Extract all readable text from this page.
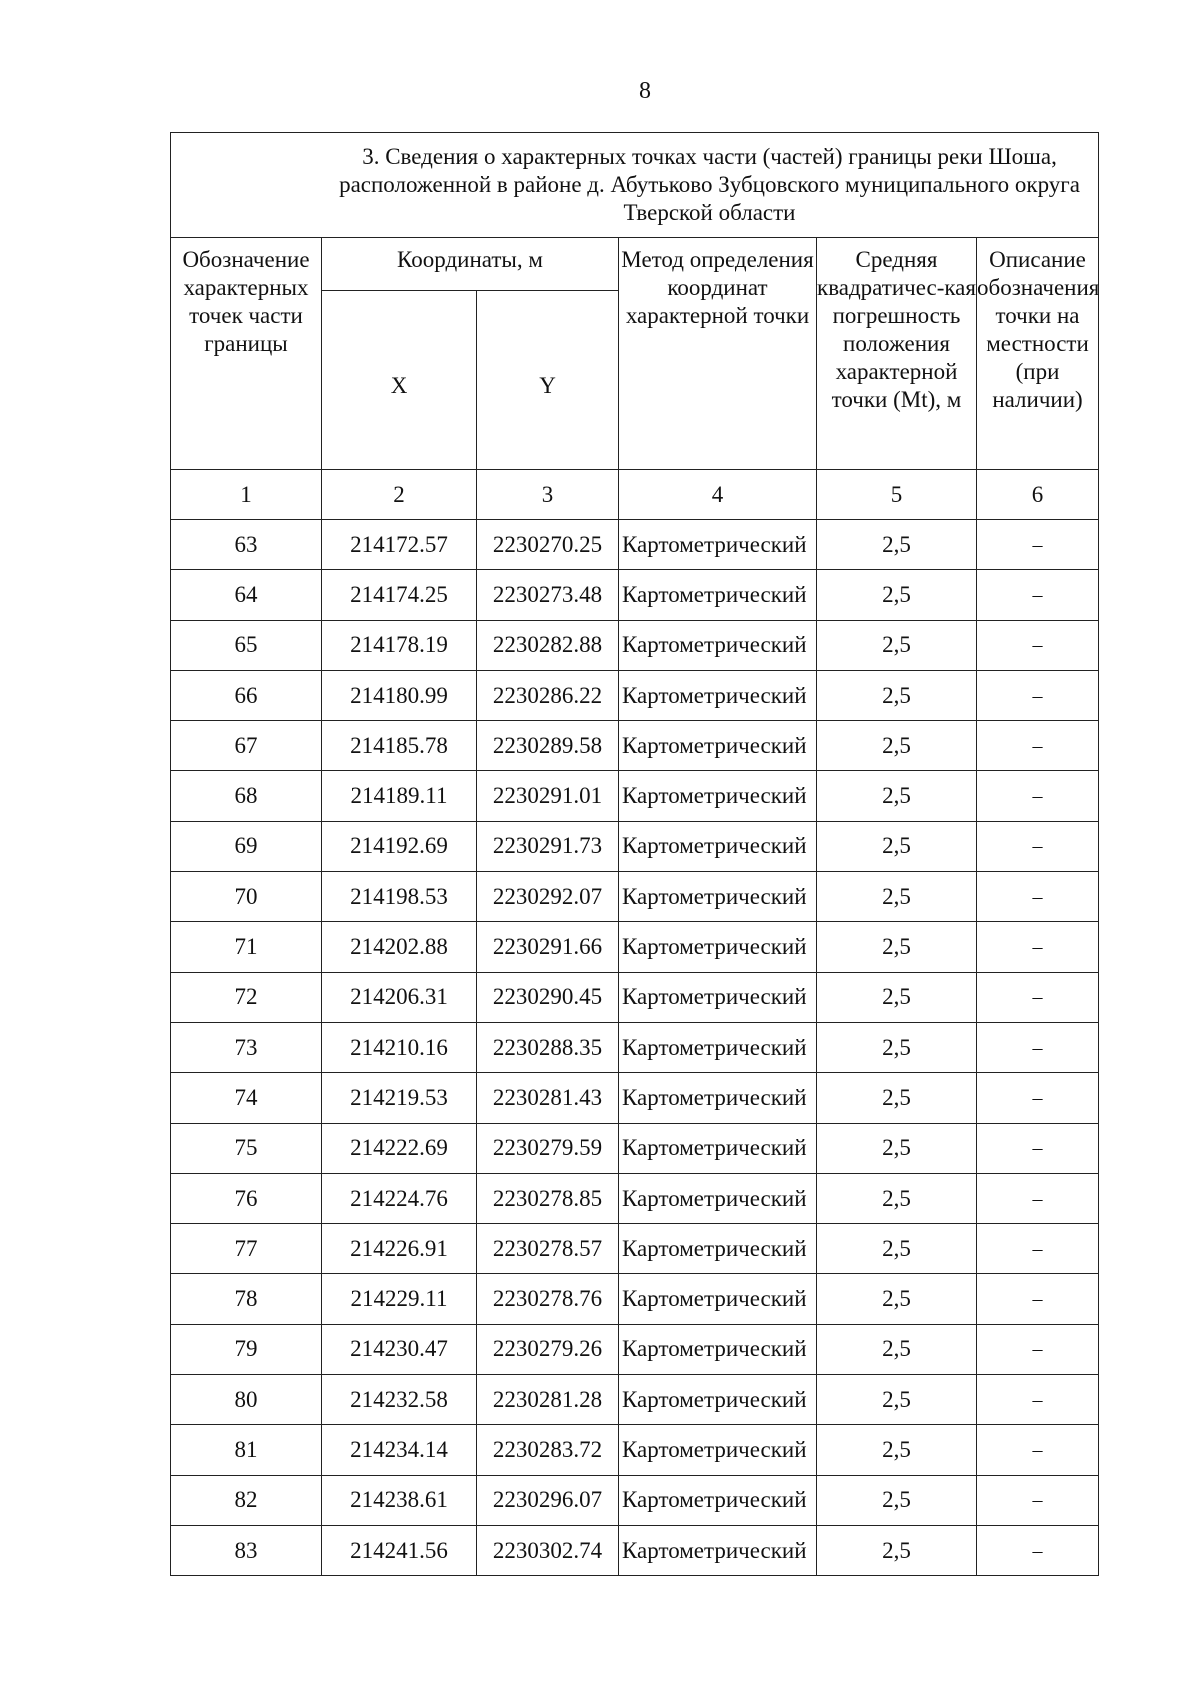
8
3. Сведения о характерных точках части (частей) границы реки Шоша,
расположенной в районе д. Абутьково Зубцовского муниципального округа
Тверской области					

Обозначение характерных точек части границы	Координаты, м		Метод определения координат характерной точки	Средняя квадратичес-кая погрешность положения характерной точки (Mt), м	Описание обозначения точки на местности (при наличии)
	X	Y			
1	2	3	4	5	6
63	214172.57	2230270.25	Картометрический	2,5	–
64	214174.25	2230273.48	Картометрический	2,5	–
65	214178.19	2230282.88	Картометрический	2,5	–
66	214180.99	2230286.22	Картометрический	2,5	–
67	214185.78	2230289.58	Картометрический	2,5	–
68	214189.11	2230291.01	Картометрический	2,5	–
69	214192.69	2230291.73	Картометрический	2,5	–
70	214198.53	2230292.07	Картометрический	2,5	–
71	214202.88	2230291.66	Картометрический	2,5	–
72	214206.31	2230290.45	Картометрический	2,5	–
73	214210.16	2230288.35	Картометрический	2,5	–
74	214219.53	2230281.43	Картометрический	2,5	–
75	214222.69	2230279.59	Картометрический	2,5	–
76	214224.76	2230278.85	Картометрический	2,5	–
77	214226.91	2230278.57	Картометрический	2,5	–
78	214229.11	2230278.76	Картометрический	2,5	–
79	214230.47	2230279.26	Картометрический	2,5	–
80	214232.58	2230281.28	Картометрический	2,5	–
81	214234.14	2230283.72	Картометрический	2,5	–
82	214238.61	2230296.07	Картометрический	2,5	–
83	214241.56	2230302.74	Картометрический	2,5	–
